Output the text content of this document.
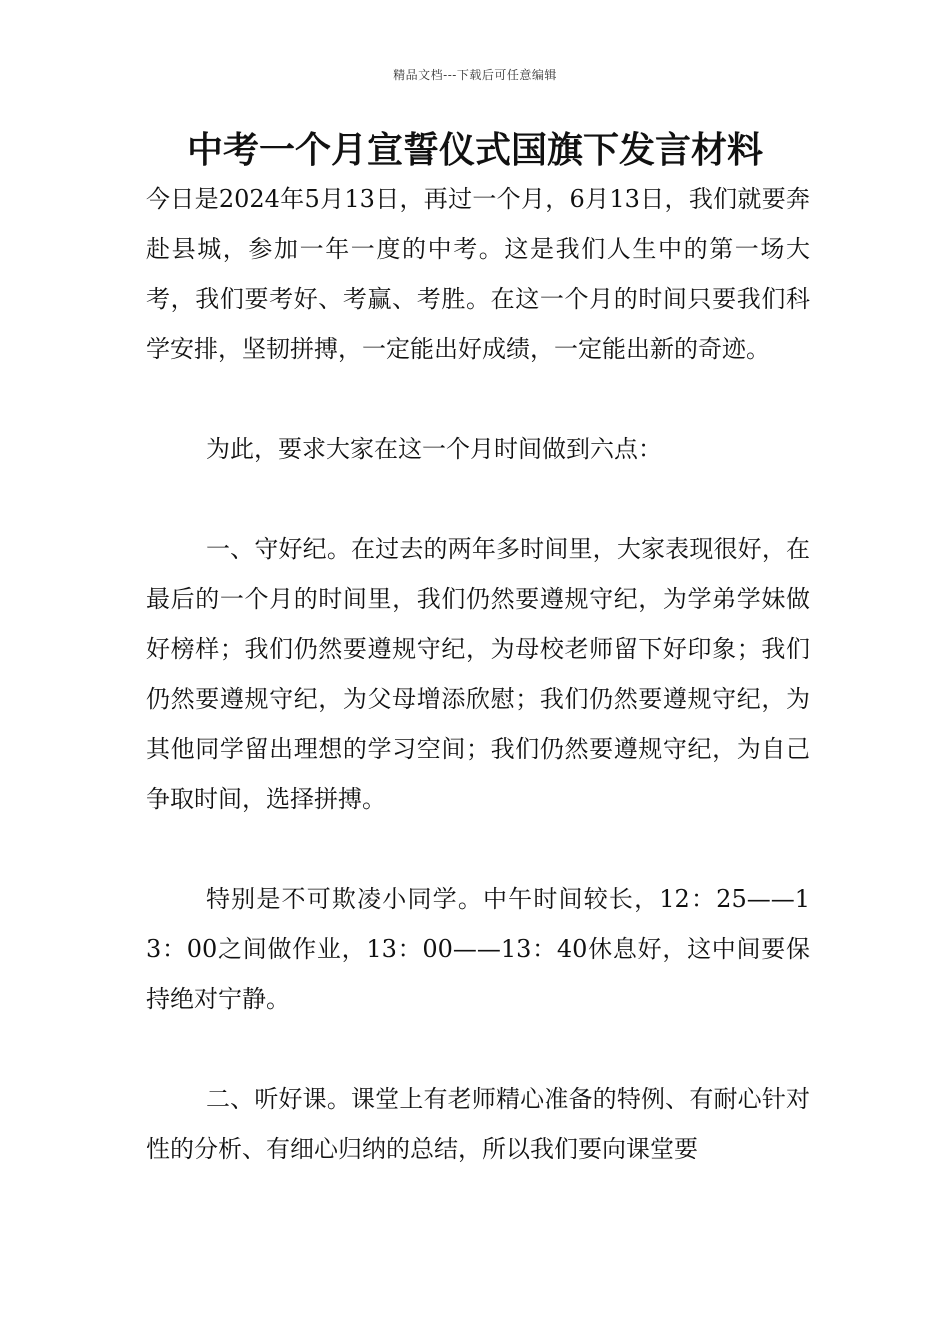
精品文档---下载后可任意编辑
中考一个月宣誓仪式国旗下发言材料

今日是2024年5月13日，再过一个月，6月13日，我们就要奔赴县城，参加一年一度的中考。这是我们人生中的第一场大考，我们要考好、考赢、考胜。在这一个月的时间只要我们科学安排，坚韧拼搏，一定能出好成绩，一定能出新的奇迹。

为此，要求大家在这一个月时间做到六点：

一、守好纪。在过去的两年多时间里，大家表现很好，在最后的一个月的时间里，我们仍然要遵规守纪，为学弟学妹做好榜样；我们仍然要遵规守纪，为母校老师留下好印象；我们仍然要遵规守纪，为父母增添欣慰；我们仍然要遵规守纪，为其他同学留出理想的学习空间；我们仍然要遵规守纪，为自己争取时间，选择拼搏。

特别是不可欺凌小同学。中午时间较长，12：25——13：00之间做作业，13：00——13：40休息好，这中间要保持绝对宁静。

二、听好课。课堂上有老师精心准备的特例、有耐心针对性的分析、有细心归纳的总结，所以我们要向课堂要
